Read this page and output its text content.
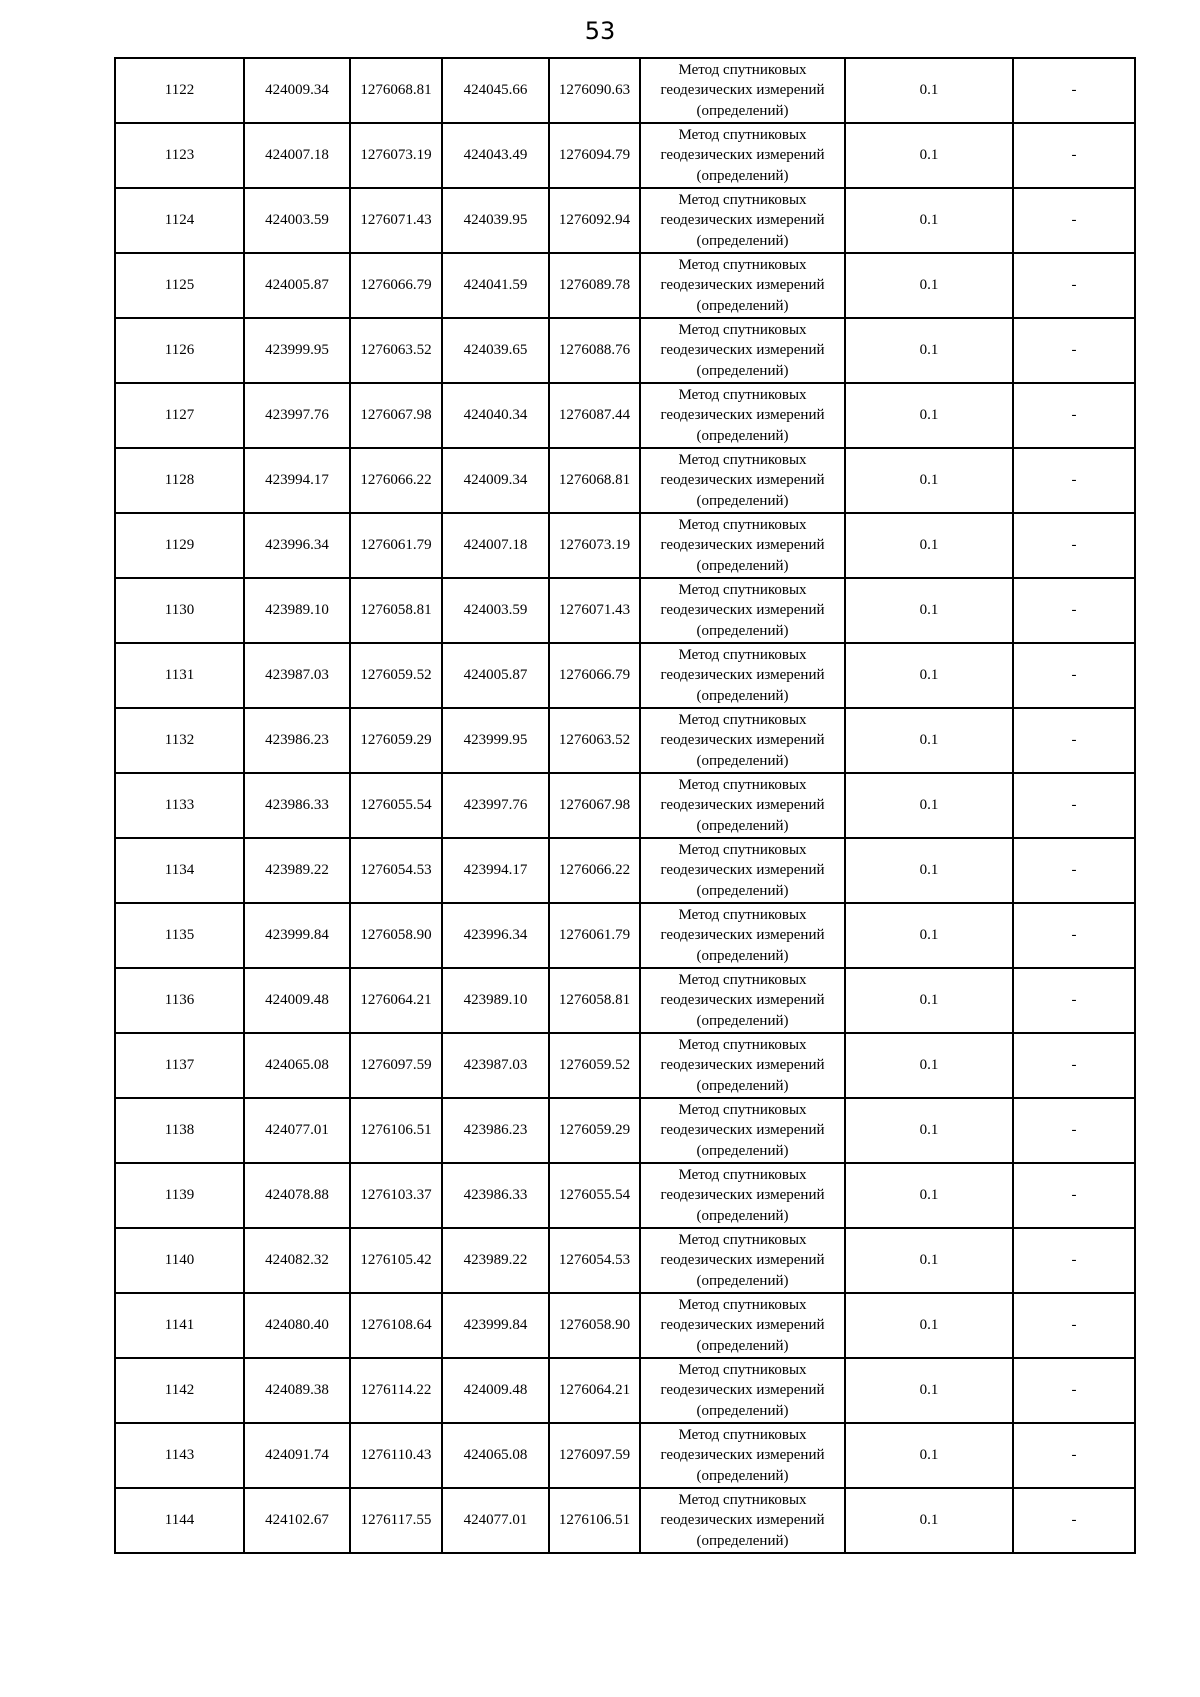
53
1122	424009.34	1276068.81	424045.66	1276090.63	Метод спутниковых
геодезических измерений
(определений)	0.1	-
1123	424007.18	1276073.19	424043.49	1276094.79	Метод спутниковых
геодезических измерений
(определений)	0.1	-
1124	424003.59	1276071.43	424039.95	1276092.94	Метод спутниковых
геодезических измерений
(определений)	0.1	-
1125	424005.87	1276066.79	424041.59	1276089.78	Метод спутниковых
геодезических измерений
(определений)	0.1	-
1126	423999.95	1276063.52	424039.65	1276088.76	Метод спутниковых
геодезических измерений
(определений)	0.1	-
1127	423997.76	1276067.98	424040.34	1276087.44	Метод спутниковых
геодезических измерений
(определений)	0.1	-
1128	423994.17	1276066.22	424009.34	1276068.81	Метод спутниковых
геодезических измерений
(определений)	0.1	-
1129	423996.34	1276061.79	424007.18	1276073.19	Метод спутниковых
геодезических измерений
(определений)	0.1	-
1130	423989.10	1276058.81	424003.59	1276071.43	Метод спутниковых
геодезических измерений
(определений)	0.1	-
1131	423987.03	1276059.52	424005.87	1276066.79	Метод спутниковых
геодезических измерений
(определений)	0.1	-
1132	423986.23	1276059.29	423999.95	1276063.52	Метод спутниковых
геодезических измерений
(определений)	0.1	-
1133	423986.33	1276055.54	423997.76	1276067.98	Метод спутниковых
геодезических измерений
(определений)	0.1	-
1134	423989.22	1276054.53	423994.17	1276066.22	Метод спутниковых
геодезических измерений
(определений)	0.1	-
1135	423999.84	1276058.90	423996.34	1276061.79	Метод спутниковых
геодезических измерений
(определений)	0.1	-
1136	424009.48	1276064.21	423989.10	1276058.81	Метод спутниковых
геодезических измерений
(определений)	0.1	-
1137	424065.08	1276097.59	423987.03	1276059.52	Метод спутниковых
геодезических измерений
(определений)	0.1	-
1138	424077.01	1276106.51	423986.23	1276059.29	Метод спутниковых
геодезических измерений
(определений)	0.1	-
1139	424078.88	1276103.37	423986.33	1276055.54	Метод спутниковых
геодезических измерений
(определений)	0.1	-
1140	424082.32	1276105.42	423989.22	1276054.53	Метод спутниковых
геодезических измерений
(определений)	0.1	-
1141	424080.40	1276108.64	423999.84	1276058.90	Метод спутниковых
геодезических измерений
(определений)	0.1	-
1142	424089.38	1276114.22	424009.48	1276064.21	Метод спутниковых
геодезических измерений
(определений)	0.1	-
1143	424091.74	1276110.43	424065.08	1276097.59	Метод спутниковых
геодезических измерений
(определений)	0.1	-
1144	424102.67	1276117.55	424077.01	1276106.51	Метод спутниковых
геодезических измерений
(определений)	0.1	-
